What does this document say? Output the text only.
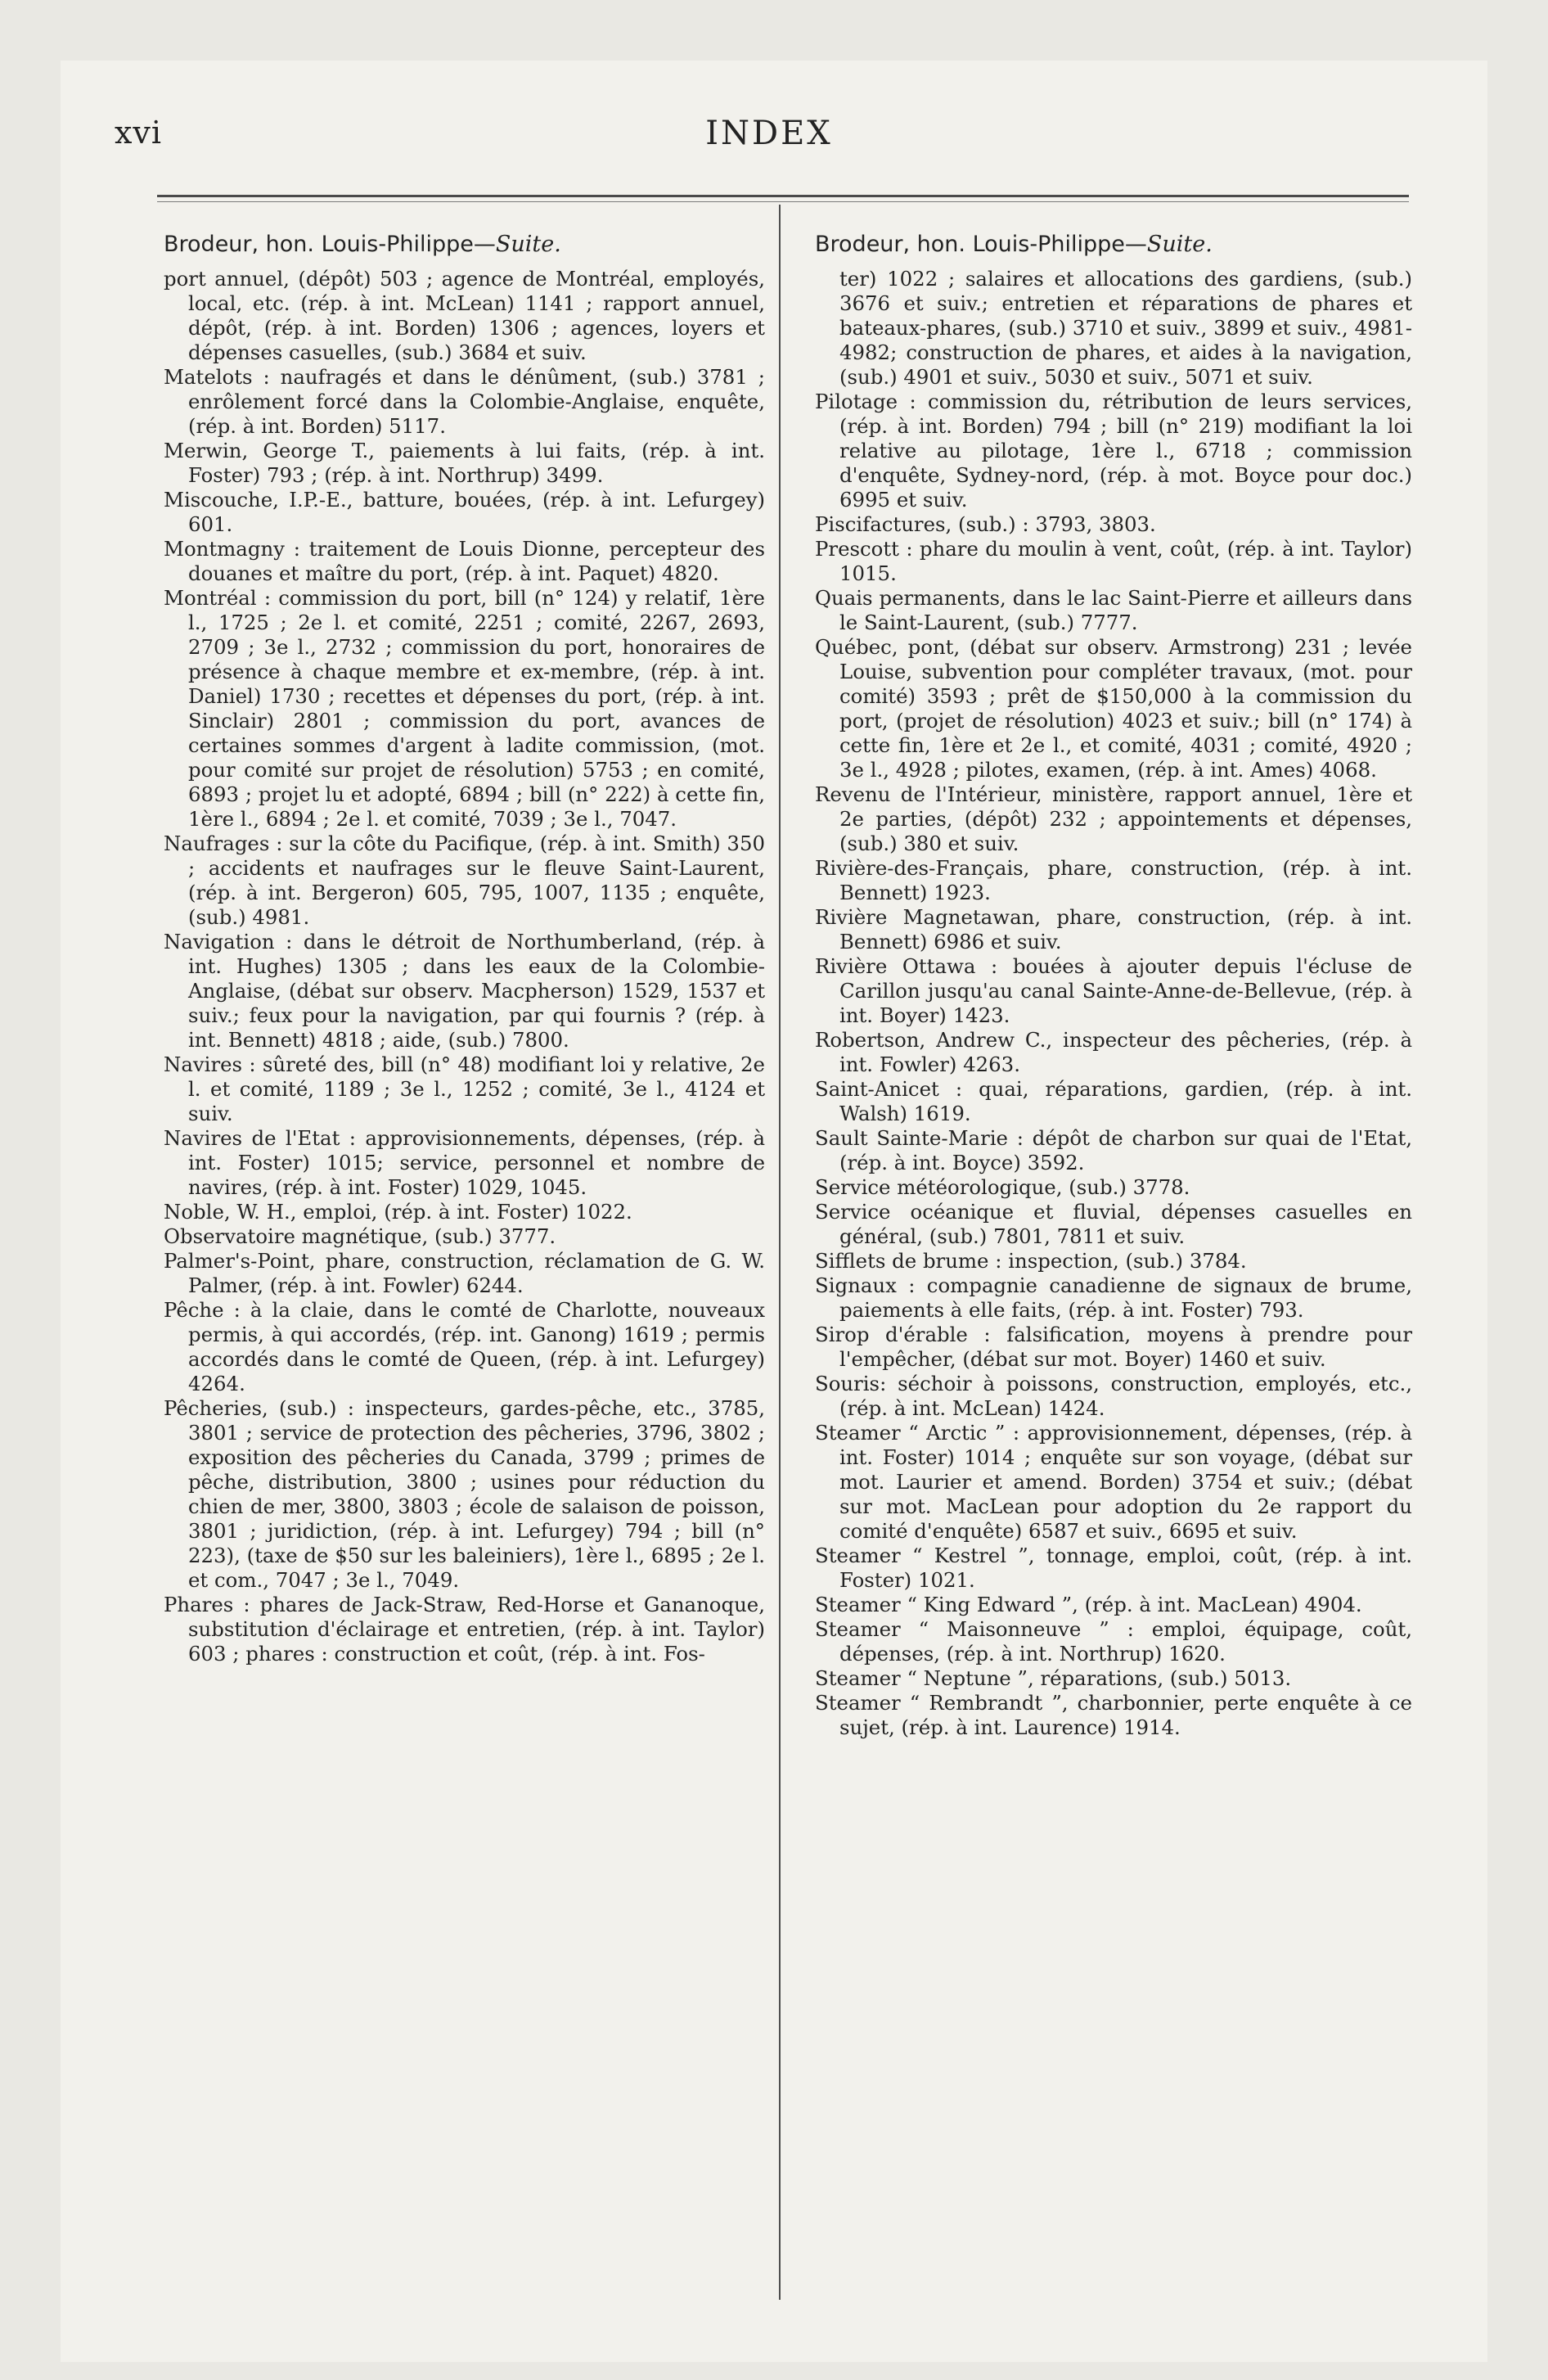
xvi	INDEX
Brodeur, hon. Louis-Philippe—Suite.

port annuel, (dépôt) 503 ; agence de Montréal, employés, local, etc. (rép. à int. McLean) 1141 ; rapport annuel, dépôt, (rép. à int. Borden) 1306 ; agences, loyers et dépenses casuelles, (sub.) 3684 et suiv.

Matelots : naufragés et dans le dénûment, (sub.) 3781 ; enrôlement forcé dans la Colombie-Anglaise, enquête, (rép. à int. Borden) 5117.

Merwin, George T., paiements à lui faits, (rép. à int. Foster) 793 ; (rép. à int. Northrup) 3499.

Miscouche, I.P.-E., batture, bouées, (rép. à int. Lefurgey) 601.

Montmagny : traitement de Louis Dionne, percepteur des douanes et maître du port, (rép. à int. Paquet) 4820.

Montréal : commission du port, bill (n° 124) y relatif, 1ère l., 1725 ; 2e l. et comité, 2251 ; comité, 2267, 2693, 2709 ; 3e l., 2732 ; commission du port, honoraires de présence à chaque membre et ex-membre, (rép. à int. Daniel) 1730 ; recettes et dépenses du port, (rép. à int. Sinclair) 2801 ; commission du port, avances de certaines sommes d'argent à ladite commission, (mot. pour comité sur projet de résolution) 5753 ; en comité, 6893 ; projet lu et adopté, 6894 ; bill (n° 222) à cette fin, 1ère l., 6894 ; 2e l. et comité, 7039 ; 3e l., 7047.

Naufrages : sur la côte du Pacifique, (rép. à int. Smith) 350 ; accidents et naufrages sur le fleuve Saint-Laurent, (rép. à int. Bergeron) 605, 795, 1007, 1135 ; enquête, (sub.) 4981.

Navigation : dans le détroit de Northumberland, (rép. à int. Hughes) 1305 ; dans les eaux de la Colombie-Anglaise, (débat sur observ. Macpherson) 1529, 1537 et suiv.; feux pour la navigation, par qui fournis ? (rép. à int. Bennett) 4818 ; aide, (sub.) 7800.

Navires : sûreté des, bill (n° 48) modifiant loi y relative, 2e l. et comité, 1189 ; 3e l., 1252 ; comité, 3e l., 4124 et suiv.

Navires de l'Etat : approvisionnements, dépenses, (rép. à int. Foster) 1015; service, personnel et nombre de navires, (rép. à int. Foster) 1029, 1045.

Noble, W. H., emploi, (rép. à int. Foster) 1022.

Observatoire magnétique, (sub.) 3777.

Palmer's-Point, phare, construction, réclamation de G. W. Palmer, (rép. à int. Fowler) 6244.

Pêche : à la claie, dans le comté de Charlotte, nouveaux permis, à qui accordés, (rép. int. Ganong) 1619 ; permis accordés dans le comté de Queen, (rép. à int. Lefurgey) 4264.

Pêcheries, (sub.) : inspecteurs, gardes-pêche, etc., 3785, 3801 ; service de protection des pêcheries, 3796, 3802 ; exposition des pêcheries du Canada, 3799 ; primes de pêche, distribution, 3800 ; usines pour réduction du chien de mer, 3800, 3803 ; école de salaison de poisson, 3801 ; juridiction, (rép. à int. Lefurgey) 794 ; bill (n° 223), (taxe de $50 sur les baleiniers), 1ère l., 6895 ; 2e l. et com., 7047 ; 3e l., 7049.

Phares : phares de Jack-Straw, Red-Horse et Gananoque, substitution d'éclairage et entretien, (rép. à int. Taylor) 603 ; phares : construction et coût, (rép. à int. Fos-

Brodeur, hon. Louis-Philippe—Suite.

ter) 1022 ; salaires et allocations des gardiens, (sub.) 3676 et suiv.; entretien et réparations de phares et bateaux-phares, (sub.) 3710 et suiv., 3899 et suiv., 4981-4982; construction de phares, et aides à la navigation, (sub.) 4901 et suiv., 5030 et suiv., 5071 et suiv.

Pilotage : commission du, rétribution de leurs services, (rép. à int. Borden) 794 ; bill (n° 219) modifiant la loi relative au pilotage, 1ère l., 6718 ; commission d'enquête, Sydney-nord, (rép. à mot. Boyce pour doc.) 6995 et suiv.

Piscifactures, (sub.) : 3793, 3803.

Prescott : phare du moulin à vent, coût, (rép. à int. Taylor) 1015.

Quais permanents, dans le lac Saint-Pierre et ailleurs dans le Saint-Laurent, (sub.) 7777.

Québec, pont, (débat sur observ. Armstrong) 231 ; levée Louise, subvention pour compléter travaux, (mot. pour comité) 3593 ; prêt de $150,000 à la commission du port, (projet de résolution) 4023 et suiv.; bill (n° 174) à cette fin, 1ère et 2e l., et comité, 4031 ; comité, 4920 ; 3e l., 4928 ; pilotes, examen, (rép. à int. Ames) 4068.

Revenu de l'Intérieur, ministère, rapport annuel, 1ère et 2e parties, (dépôt) 232 ; appointements et dépenses, (sub.) 380 et suiv.

Rivière-des-Français, phare, construction, (rép. à int. Bennett) 1923.

Rivière Magnetawan, phare, construction, (rép. à int. Bennett) 6986 et suiv.

Rivière Ottawa : bouées à ajouter depuis l'écluse de Carillon jusqu'au canal Sainte-Anne-de-Bellevue, (rép. à int. Boyer) 1423.

Robertson, Andrew C., inspecteur des pêcheries, (rép. à int. Fowler) 4263.

Saint-Anicet : quai, réparations, gardien, (rép. à int. Walsh) 1619.

Sault Sainte-Marie : dépôt de charbon sur quai de l'Etat, (rép. à int. Boyce) 3592.

Service météorologique, (sub.) 3778.

Service océanique et fluvial, dépenses casuelles en général, (sub.) 7801, 7811 et suiv.

Sifflets de brume : inspection, (sub.) 3784.

Signaux : compagnie canadienne de signaux de brume, paiements à elle faits, (rép. à int. Foster) 793.

Sirop d'érable : falsification, moyens à prendre pour l'empêcher, (débat sur mot. Boyer) 1460 et suiv.

Souris: séchoir à poissons, construction, employés, etc., (rép. à int. McLean) 1424.

Steamer “ Arctic ” : approvisionnement, dépenses, (rép. à int. Foster) 1014 ; enquête sur son voyage, (débat sur mot. Laurier et amend. Borden) 3754 et suiv.; (débat sur mot. MacLean pour adoption du 2e rapport du comité d'enquête) 6587 et suiv., 6695 et suiv.

Steamer “ Kestrel ”, tonnage, emploi, coût, (rép. à int. Foster) 1021.

Steamer “ King Edward ”, (rép. à int. MacLean) 4904.

Steamer “ Maisonneuve ” : emploi, équipage, coût, dépenses, (rép. à int. Northrup) 1620.

Steamer “ Neptune ”, réparations, (sub.) 5013.

Steamer “ Rembrandt ”, charbonnier, perte enquête à ce sujet, (rép. à int. Laurence) 1914.
